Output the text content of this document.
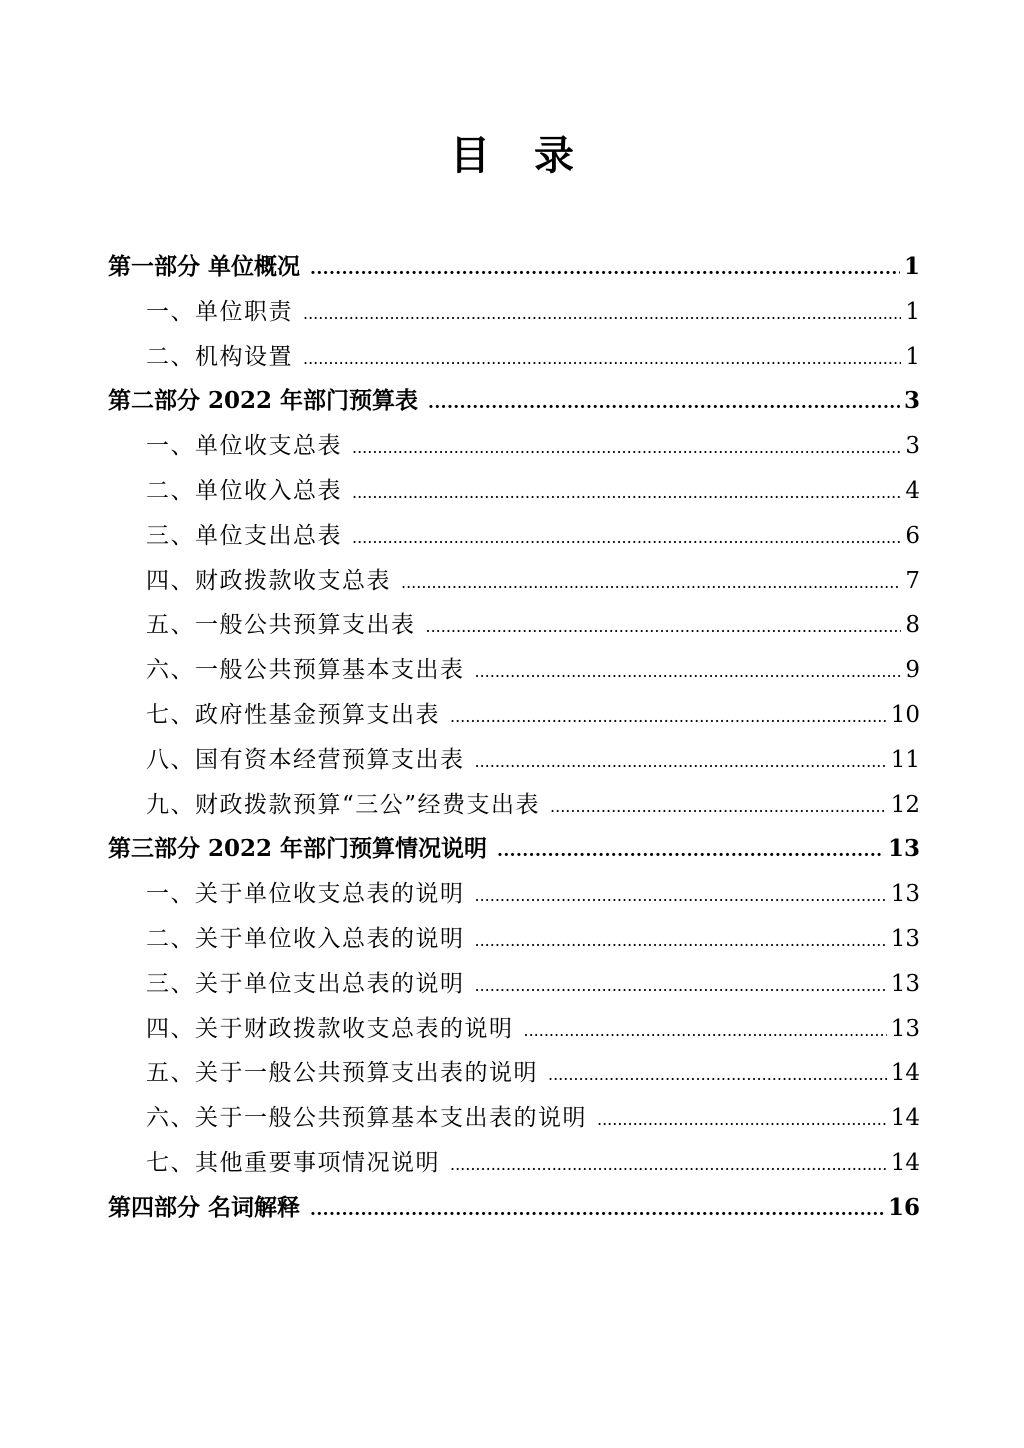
目录
第一部分 单位概况 .....	1
一、单位职责 .....	1
二、机构设置 .....	1
第二部分 2022 年部门预算表 .....	3
一、单位收支总表 .....	3
二、单位收入总表 .....	4
三、单位支出总表 .....	6
四、财政拨款收支总表 .....	7
五、一般公共预算支出表 .....	8
六、一般公共预算基本支出表 .....	9
七、政府性基金预算支出表 .....	10
八、国有资本经营预算支出表 .....	11
九、财政拨款预算“三公”经费支出表 .....	12
第三部分 2022 年部门预算情况说明 .....	13
一、关于单位收支总表的说明 .....	13
二、关于单位收入总表的说明 .....	13
三、关于单位支出总表的说明 .....	13
四、关于财政拨款收支总表的说明 .....	13
五、关于一般公共预算支出表的说明 .....	14
六、关于一般公共预算基本支出表的说明 .....	14
七、其他重要事项情况说明 .....	14
第四部分 名词解释 .....	16
